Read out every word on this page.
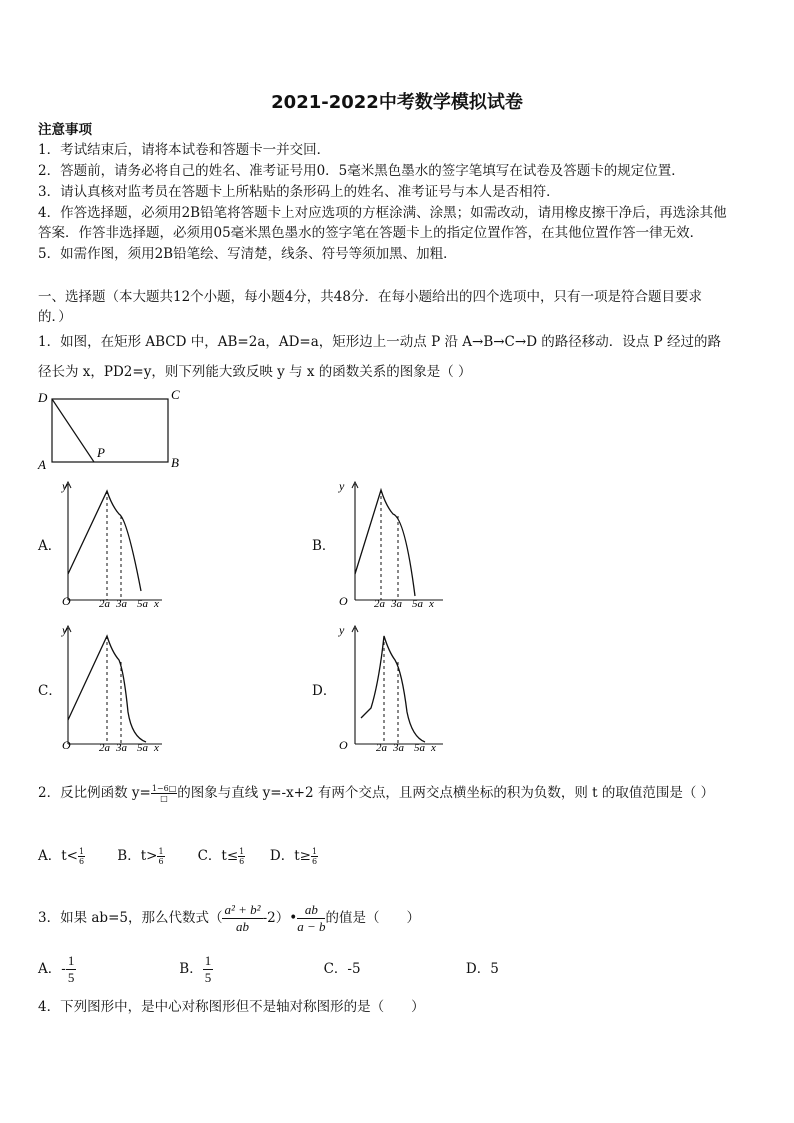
2021-2022中考数学模拟试卷
注意事项
1．考试结束后，请将本试卷和答题卡一并交回．
2．答题前，请务必将自己的姓名、准考证号用0．5毫米黑色墨水的签字笔填写在试卷及答题卡的规定位置．
3．请认真核对监考员在答题卡上所粘贴的条形码上的姓名、准考证号与本人是否相符．
4．作答选择题，必须用2B铅笔将答题卡上对应选项的方框涂满、涂黑；如需改动，请用橡皮擦干净后，再选涂其他
答案．作答非选择题，必须用05毫米黑色墨水的签字笔在答题卡上的指定位置作答，在其他位置作答一律无效．
5．如需作图，须用2B铅笔绘、写清楚，线条、符号等须加黑、加粗．
一、选择题（本大题共12个小题，每小题4分，共48分．在每小题给出的四个选项中，只有一项是符合题目要求
的．）
1．如图，在矩形 ABCD 中，AB=2a，AD=a，矩形边上一动点 P 沿 A→B→C→D 的路径移动．设点 P 经过的路
径长为 x，PD2=y，则下列能大致反映 y 与 x 的函数关系的图象是（ ）
D	C
A	B
P
A．
y
O	2a 3a 5a x
B．
y
O 2a 3a 5a x
C．
y
O	2a 3a 5a x
D．
y
O	2a 3a 5a x
2．反比例函数 $y= \frac{1-6□}{□}$ 的图象与直线 y=-x+2 有两个交点，且两交点横坐标的积为负数，则 t 的取值范围是（ ）
A．$t< \frac{1}{6}$ B．$t> \frac{1}{6}$ C．$t\le \frac{1}{6}$ D．$t\ge \frac{1}{6}$
3．如果 ab=5，那么代数式（ $\frac{\text{a² + b²}}{ab}$ -2）• $\frac{ab}{a - b}$ 的值是（　　）
A．- $\frac{1}{5}$	B． $\frac{1}{5}$	C．-5	D．5
4．下列图形中，是中心对称图形但不是轴对称图形的是（　　）
